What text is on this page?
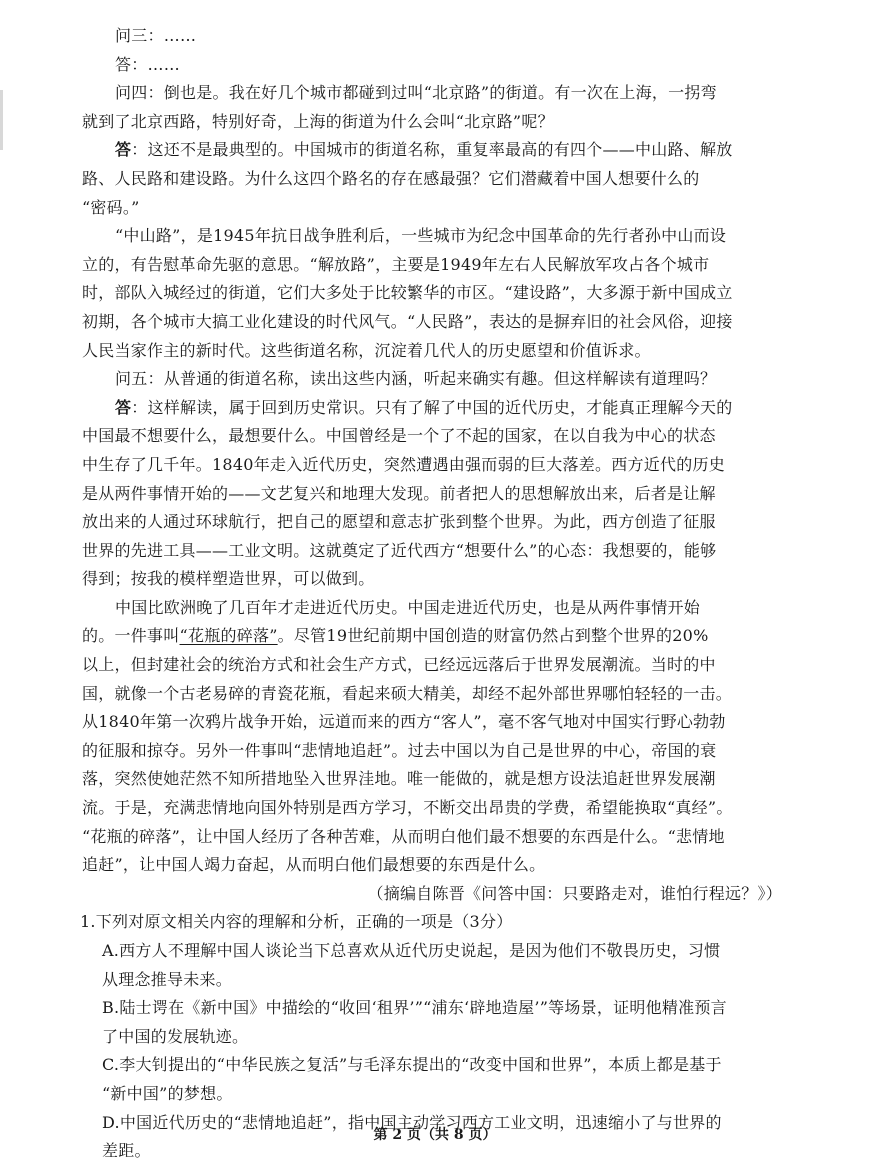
问三：……
答：……
问四：倒也是。我在好几个城市都碰到过叫“北京路”的街道。有一次在上海，一拐弯
就到了北京西路，特别好奇，上海的街道为什么会叫“北京路”呢？
答：这还不是最典型的。中国城市的街道名称，重复率最高的有四个——中山路、解放
路、人民路和建设路。为什么这四个路名的存在感最强？它们潜藏着中国人想要什么的
“密码。”
“中山路”，是1945年抗日战争胜利后，一些城市为纪念中国革命的先行者孙中山而设
立的，有告慰革命先驱的意思。“解放路”，主要是1949年左右人民解放军攻占各个城市
时，部队入城经过的街道，它们大多处于比较繁华的市区。“建设路”，大多源于新中国成立
初期，各个城市大搞工业化建设的时代风气。“人民路”，表达的是摒弃旧的社会风俗，迎接
人民当家作主的新时代。这些街道名称，沉淀着几代人的历史愿望和价值诉求。
问五：从普通的街道名称，读出这些内涵，听起来确实有趣。但这样解读有道理吗？
答：这样解读，属于回到历史常识。只有了解了中国的近代历史，才能真正理解今天的
中国最不想要什么，最想要什么。中国曾经是一个了不起的国家，在以自我为中心的状态
中生存了几千年。1840年走入近代历史，突然遭遇由强而弱的巨大落差。西方近代的历史
是从两件事情开始的——文艺复兴和地理大发现。前者把人的思想解放出来，后者是让解
放出来的人通过环球航行，把自己的愿望和意志扩张到整个世界。为此，西方创造了征服
世界的先进工具——工业文明。这就奠定了近代西方“想要什么”的心态：我想要的，能够
得到；按我的模样塑造世界，可以做到。
中国比欧洲晚了几百年才走进近代历史。中国走进近代历史，也是从两件事情开始
的。一件事叫“花瓶的碎落”。尽管19世纪前期中国创造的财富仍然占到整个世界的20%
以上，但封建社会的统治方式和社会生产方式，已经远远落后于世界发展潮流。当时的中
国，就像一个古老易碎的青瓷花瓶，看起来硕大精美，却经不起外部世界哪怕轻轻的一击。
从1840年第一次鸦片战争开始，远道而来的西方“客人”，毫不客气地对中国实行野心勃勃
的征服和掠夺。另外一件事叫“悲情地追赶”。过去中国以为自己是世界的中心，帝国的衰
落，突然使她茫然不知所措地坠入世界洼地。唯一能做的，就是想方设法追赶世界发展潮
流。于是，充满悲情地向国外特别是西方学习，不断交出昂贵的学费，希望能换取“真经”。
“花瓶的碎落”，让中国人经历了各种苦难，从而明白他们最不想要的东西是什么。“悲情地
追赶”，让中国人竭力奋起，从而明白他们最想要的东西是什么。
（摘编自陈晋《问答中国：只要路走对，谁怕行程远？》）
1.下列对原文相关内容的理解和分析，正确的一项是（3分）
A.西方人不理解中国人谈论当下总喜欢从近代历史说起，是因为他们不敬畏历史，习惯
从理念推导未来。
B.陆士谔在《新中国》中描绘的“收回‘租界’”“浦东‘辟地造屋’”等场景，证明他精准预言
了中国的发展轨迹。
C.李大钊提出的“中华民族之复活”与毛泽东提出的“改变中国和世界”，本质上都是基于
“新中国”的梦想。
D.中国近代历史的“悲情地追赶”，指中国主动学习西方工业文明，迅速缩小了与世界的
差距。
第 2 页（共 8 页）
